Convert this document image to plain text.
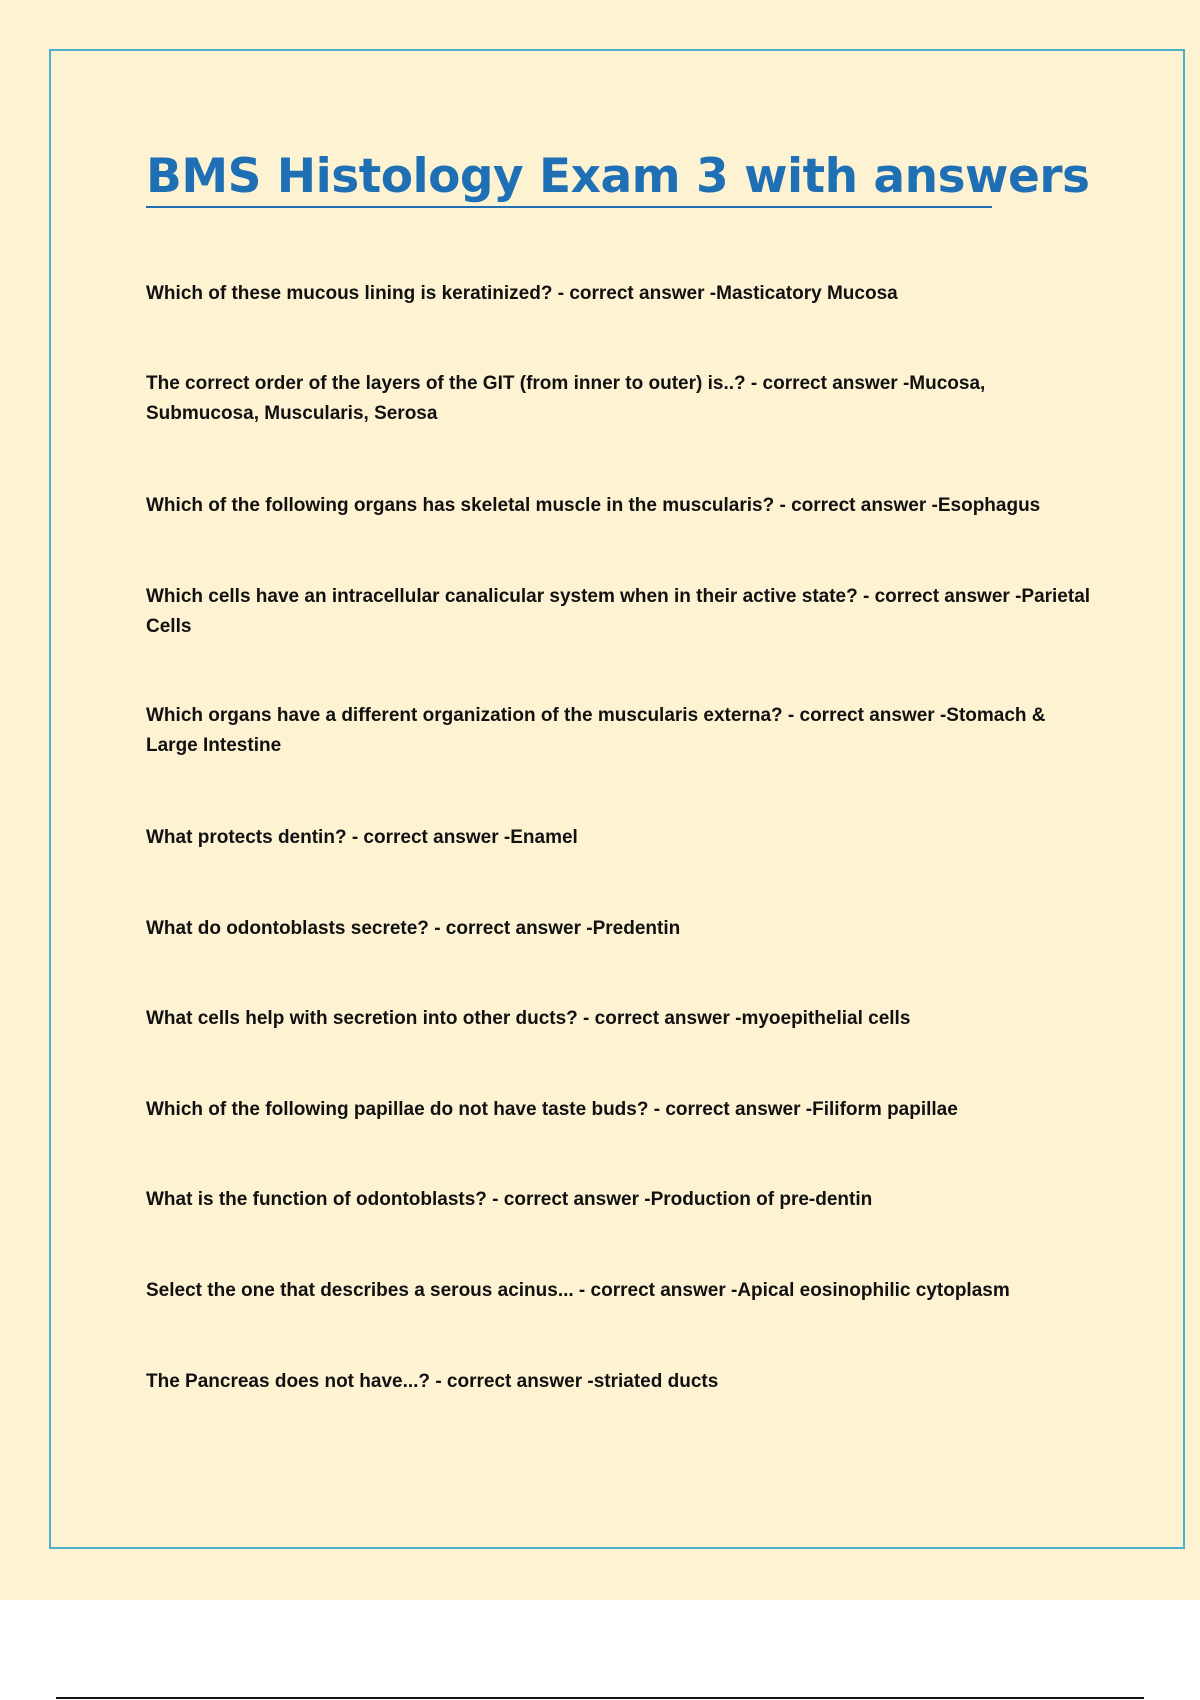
BMS Histology Exam 3 with answers

Which of these mucous lining is keratinized? - correct answer -Masticatory Mucosa

The correct order of the layers of the GIT (from inner to outer) is..? - correct answer -Mucosa, Submucosa, Muscularis, Serosa

Which of the following organs has skeletal muscle in the muscularis? - correct answer -Esophagus

Which cells have an intracellular canalicular system when in their active state? - correct answer -Parietal Cells

Which organs have a different organization of the muscularis externa? - correct answer -Stomach & Large Intestine

What protects dentin? - correct answer -Enamel

What do odontoblasts secrete? - correct answer -Predentin

What cells help with secretion into other ducts? - correct answer -myoepithelial cells

Which of the following papillae do not have taste buds? - correct answer -Filiform papillae

What is the function of odontoblasts? - correct answer -Production of pre-dentin

Select the one that describes a serous acinus... - correct answer -Apical eosinophilic cytoplasm

The Pancreas does not have...? - correct answer -striated ducts
